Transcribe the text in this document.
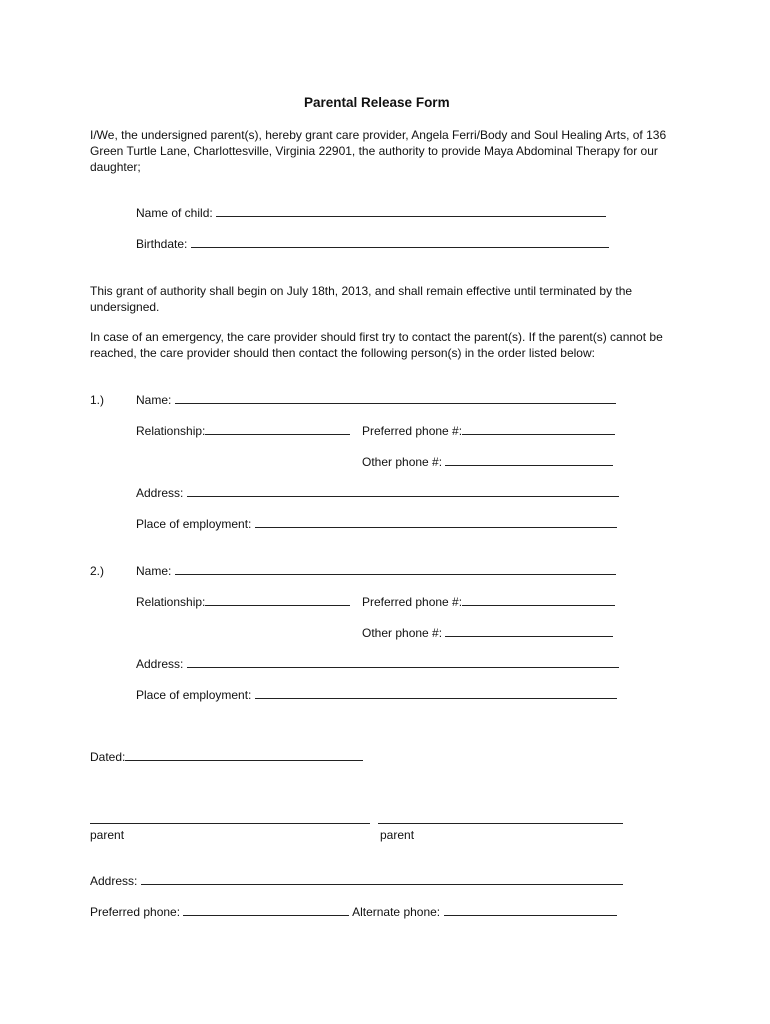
Parental Release Form
I/We, the undersigned parent(s), hereby grant care provider, Angela Ferri/Body and Soul Healing Arts, of 136 Green Turtle Lane, Charlottesville, Virginia 22901, the authority to provide Maya Abdominal Therapy for our daughter;
Name of child:
Birthdate:
This grant of authority shall begin on July 18th, 2013, and shall remain effective until terminated by the undersigned.
In case of an emergency, the care provider should first try to contact the parent(s). If the parent(s) cannot be reached, the care provider should then contact the following person(s) in the order listed below:
1.)	Name:
Relationship:	Preferred phone #:
Other phone #:
Address:
Place of employment:
2.)	Name:
Relationship:	Preferred phone #:
Other phone #:
Address:
Place of employment:
Dated:
parent	parent
Address:
Preferred phone:	Alternate phone:
